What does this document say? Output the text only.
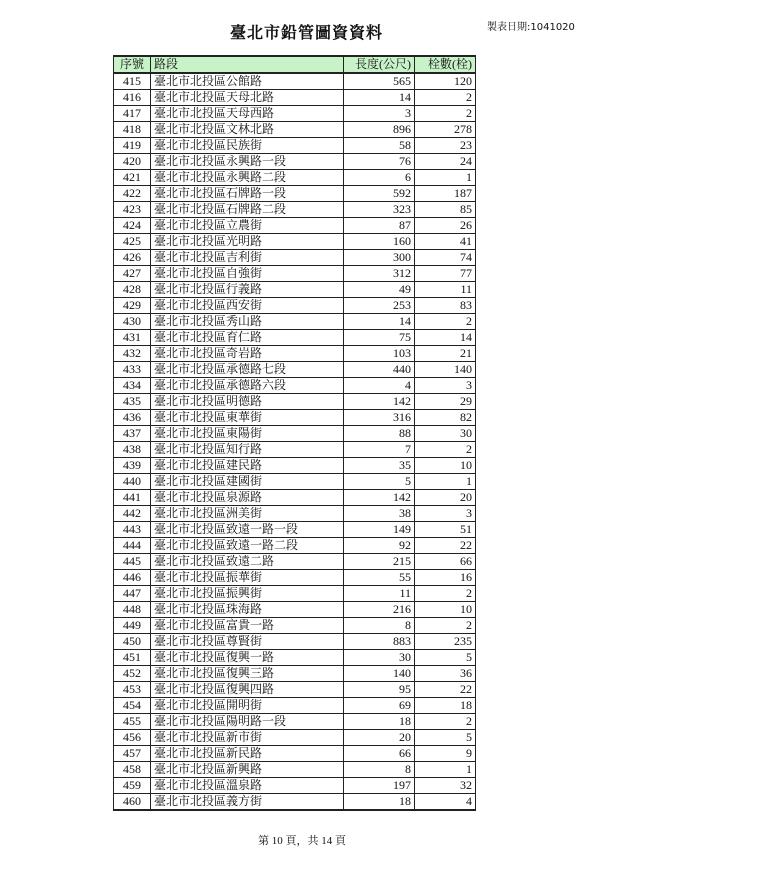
臺北市鉛管圖資資料	製表日期:1041020
序號	路段	長度(公尺)	栓數(栓)
415	臺北市北投區公館路	565	120
416	臺北市北投區天母北路	14	2
417	臺北市北投區天母西路	3	2
418	臺北市北投區文林北路	896	278
419	臺北市北投區民族街	58	23
420	臺北市北投區永興路一段	76	24
421	臺北市北投區永興路二段	6	1
422	臺北市北投區石牌路一段	592	187
423	臺北市北投區石牌路二段	323	85
424	臺北市北投區立農街	87	26
425	臺北市北投區光明路	160	41
426	臺北市北投區吉利街	300	74
427	臺北市北投區自強街	312	77
428	臺北市北投區行義路	49	11
429	臺北市北投區西安街	253	83
430	臺北市北投區秀山路	14	2
431	臺北市北投區育仁路	75	14
432	臺北市北投區奇岩路	103	21
433	臺北市北投區承德路七段	440	140
434	臺北市北投區承德路六段	4	3
435	臺北市北投區明德路	142	29
436	臺北市北投區東華街	316	82
437	臺北市北投區東陽街	88	30
438	臺北市北投區知行路	7	2
439	臺北市北投區建民路	35	10
440	臺北市北投區建國街	5	1
441	臺北市北投區泉源路	142	20
442	臺北市北投區洲美街	38	3
443	臺北市北投區致遠一路一段	149	51
444	臺北市北投區致遠一路二段	92	22
445	臺北市北投區致遠二路	215	66
446	臺北市北投區振華街	55	16
447	臺北市北投區振興街	11	2
448	臺北市北投區珠海路	216	10
449	臺北市北投區富貴一路	8	2
450	臺北市北投區尊賢街	883	235
451	臺北市北投區復興一路	30	5
452	臺北市北投區復興三路	140	36
453	臺北市北投區復興四路	95	22
454	臺北市北投區開明街	69	18
455	臺北市北投區陽明路一段	18	2
456	臺北市北投區新市街	20	5
457	臺北市北投區新民路	66	9
458	臺北市北投區新興路	8	1
459	臺北市北投區溫泉路	197	32
460	臺北市北投區義方街	18	4
第 10 頁，共 14 頁
